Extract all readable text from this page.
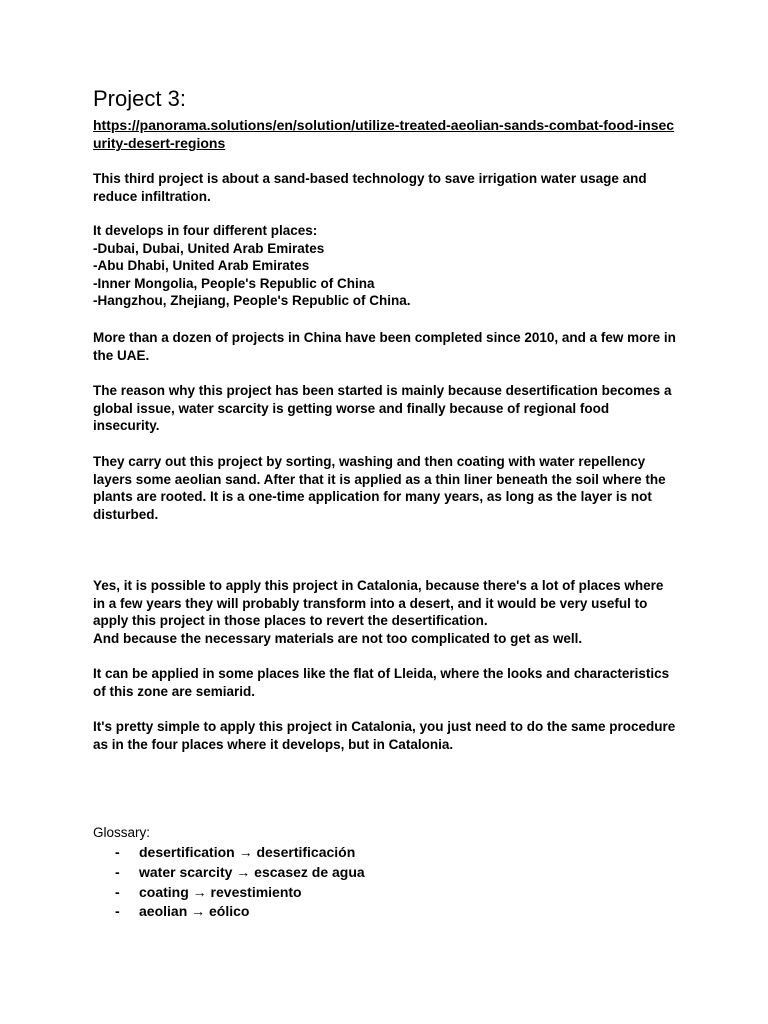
Project 3:
https://panorama.solutions/en/solution/utilize-treated-aeolian-sands-combat-food-insecurity-desert-regions

This third project is about a sand-based technology to save irrigation water usage and reduce infiltration.

It develops in four different places:
-Dubai, Dubai, United Arab Emirates
-Abu Dhabi, United Arab Emirates
-Inner Mongolia, People's Republic of China
-Hangzhou, Zhejiang, People's Republic of China.

More than a dozen of projects in China have been completed since 2010, and a few more in the UAE.

The reason why this project has been started is mainly because desertification becomes a global issue, water scarcity is getting worse and finally because of regional food insecurity.

They carry out this project by sorting, washing and then coating with water repellency layers some aeolian sand. After that it is applied as a thin liner beneath the soil where the plants are rooted. It is a one-time application for many years, as long as the layer is not disturbed.

Yes, it is possible to apply this project in Catalonia, because there's a lot of places where in a few years they will probably transform into a desert, and it would be very useful to apply this project in those places to revert the desertification.
And because the necessary materials are not too complicated to get as well.

It can be applied in some places like the flat of Lleida, where the looks and characteristics of this zone are semiarid.

It's pretty simple to apply this project in Catalonia, you just need to do the same procedure as in the four places where it develops, but in Catalonia.

Glossary:
- desertification → desertificación
- water scarcity → escasez de agua
- coating → revestimiento
- aeolian → eólico
